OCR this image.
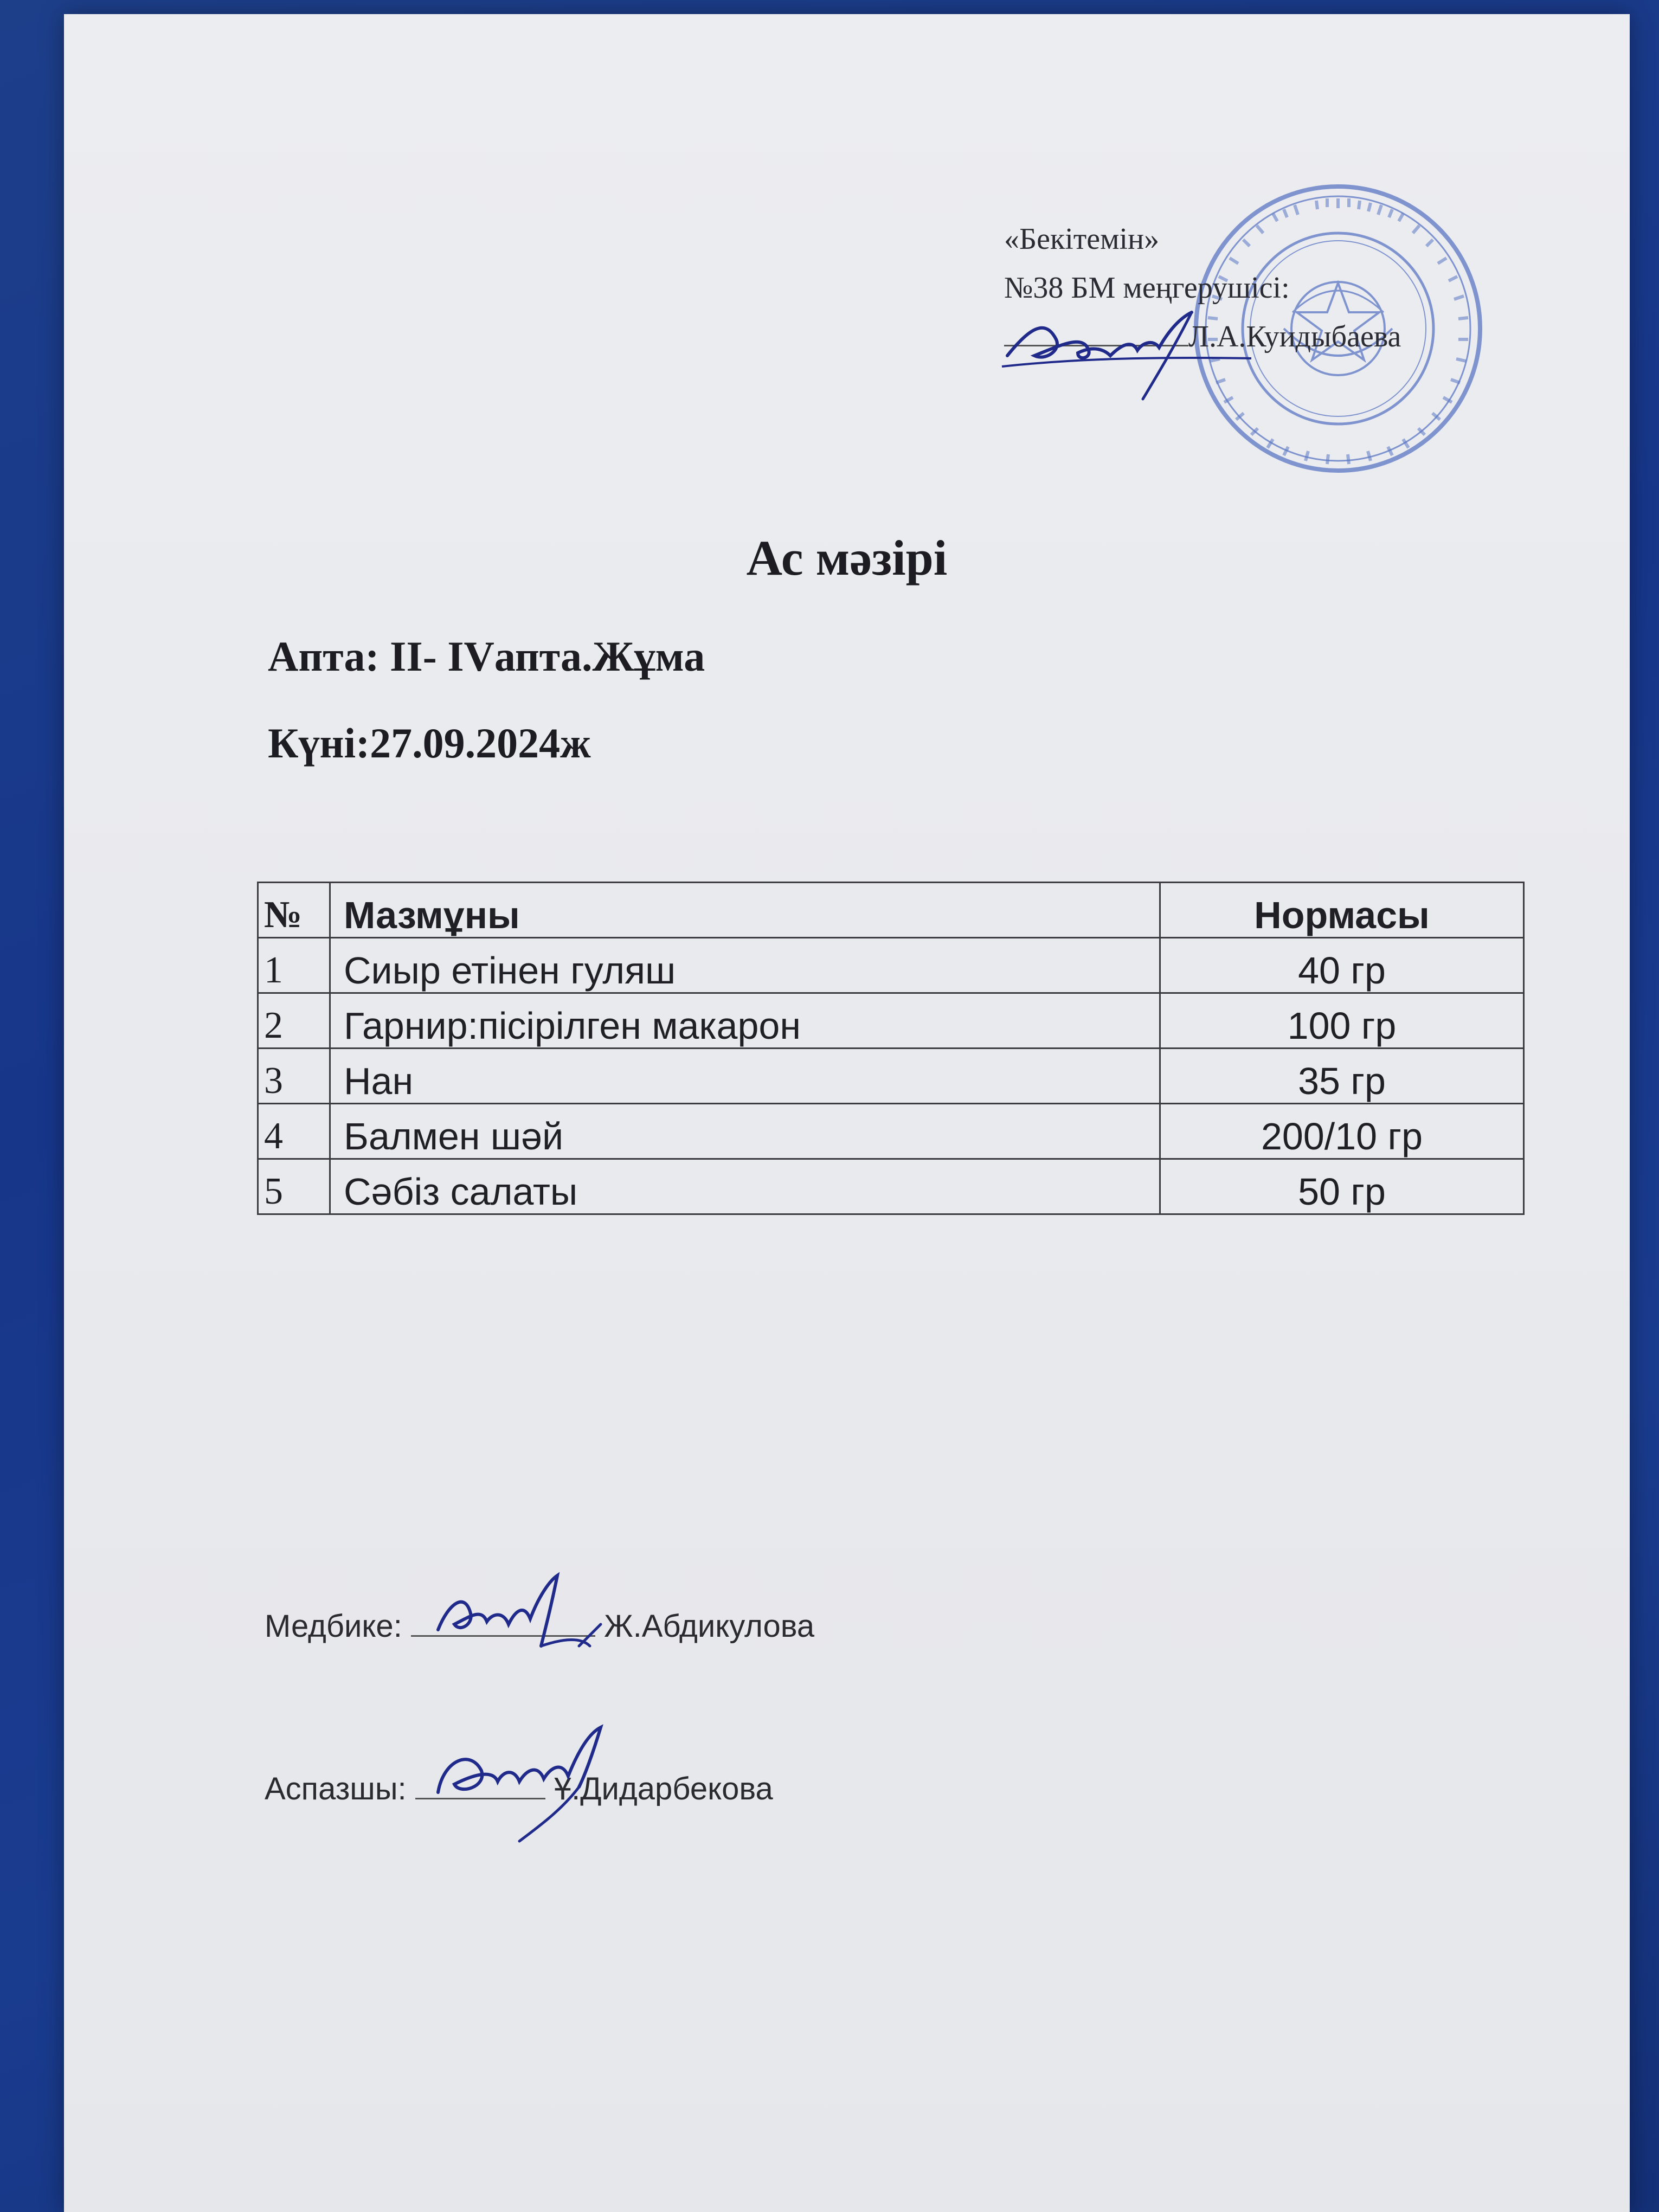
«Бекітемін»
№38 БМ меңгерушісі:
Л.А.Куидыбаева
Ас мәзірі
Апта: ІІ- ІVапта.Жұма
Күні:27.09.2024ж
№	Мазмұны	Нормасы
1	Сиыр етінен гуляш	40 гр
2	Гарнир:пісірілген макарон	100 гр
3	Нан	35 гр
4	Балмен шәй	200/10 гр
5	Сәбіз салаты	50 гр
Медбике:	Ж.Абдикулова
Аспазшы:	Ұ.Дидарбекова
